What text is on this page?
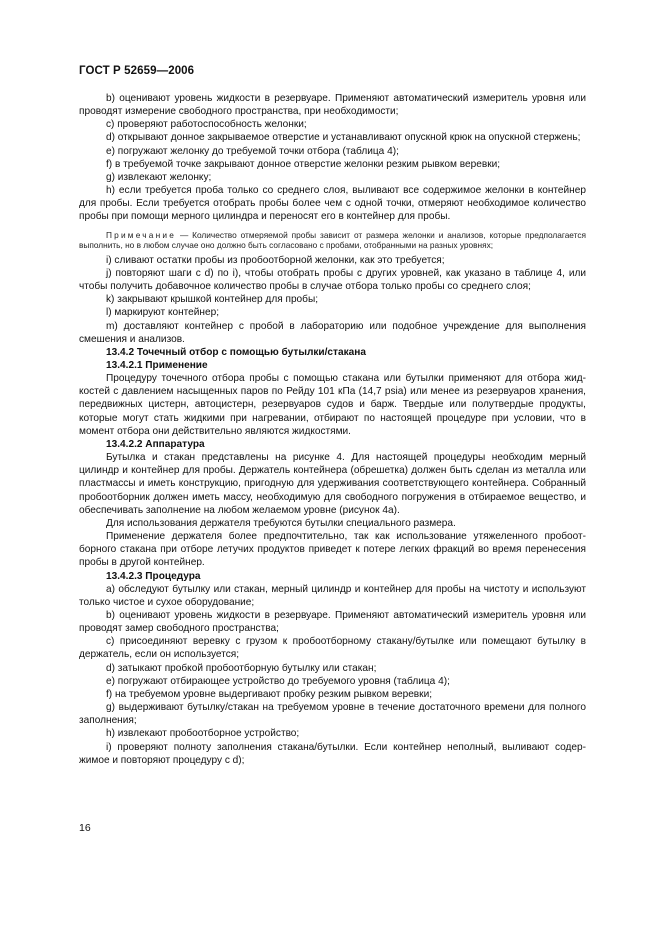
ГОСТ Р 52659—2006

b) оценивают уровень жидкости в резервуаре. Применяют автоматический измеритель уровня или проводят измерение свободного пространства, при необходимости;

c) проверяют работоспособность желонки;

d) открывают донное закрываемое отверстие и устанавливают опускной крюк на опускной стержень;

e) погружают желонку до требуемой точки отбора (таблица 4);

f) в требуемой точке закрывают донное отверстие желонки резким рывком веревки;

g) извлекают желонку;

h) если требуется проба только со среднего слоя, выливают все содержимое желонки в контейнер для пробы. Если требуется отобрать пробы более чем с одной точки, отмеряют необходимое количество пробы при помощи мерного цилиндра и переносят его в контейнер для пробы.

Примечание — Количество отмеряемой пробы зависит от размера желонки и анализов, которые предполагается выполнить, но в любом случае оно должно быть согласовано с пробами, отобранными на разных уровнях;

i) сливают остатки пробы из пробоотборной желонки, как это требуется;

j) повторяют шаги с d) по i), чтобы отобрать пробы с других уровней, как указано в таблице 4, или чтобы получить добавочное количество пробы в случае отбора только пробы со среднего слоя;

k) закрывают крышкой контейнер для пробы;

l) маркируют контейнер;

m) доставляют контейнер с пробой в лабораторию или подобное учреждение для выполнения смешения и анализов.

13.4.2 Точечный отбор с помощью бутылки/стакана

13.4.2.1 Применение

Процедуру точечного отбора пробы с помощью стакана или бутылки применяют для отбора жидкостей с давлением насыщенных паров по Рейду 101 кПа (14,7 psia) или менее из резервуаров хранения, передвижных цистерн, автоцистерн, резервуаров судов и барж. Твердые или полутвердые продукты, которые могут стать жидкими при нагревании, отбирают по настоящей процедуре при условии, что в момент отбора они действительно являются жидкостями.

13.4.2.2 Аппаратура

Бутылка и стакан представлены на рисунке 4. Для настоящей процедуры необходим мерный цилиндр и контейнер для пробы. Держатель контейнера (обрешетка) должен быть сделан из металла или пластмассы и иметь конструкцию, пригодную для удерживания соответствующего контейнера. Собранный пробоотборник должен иметь массу, необходимую для свободного погружения в отбираемое вещество, и обеспечивать заполнение на любом желаемом уровне (рисунок 4а).

Для использования держателя требуются бутылки специального размера.

Применение держателя более предпочтительно, так как использование утяжеленного пробоотборного стакана при отборе летучих продуктов приведет к потере легких фракций во время перенесения пробы в другой контейнер.

13.4.2.3 Процедура

a) обследуют бутылку или стакан, мерный цилиндр и контейнер для пробы на чистоту и используют только чистое и сухое оборудование;

b) оценивают уровень жидкости в резервуаре. Применяют автоматический измеритель уровня или проводят замер свободного пространства;

c) присоединяют веревку с грузом к пробоотборному стакану/бутылке или помещают бутылку в держатель, если он используется;

d) затыкают пробкой пробоотборную бутылку или стакан;

e) погружают отбирающее устройство до требуемого уровня (таблица 4);

f) на требуемом уровне выдергивают пробку резким рывком веревки;

g) выдерживают бутылку/стакан на требуемом уровне в течение достаточного времени для полного заполнения;

h) извлекают пробоотборное устройство;

i) проверяют полноту заполнения стакана/бутылки. Если контейнер неполный, выливают содержимое и повторяют процедуру с d);

16
